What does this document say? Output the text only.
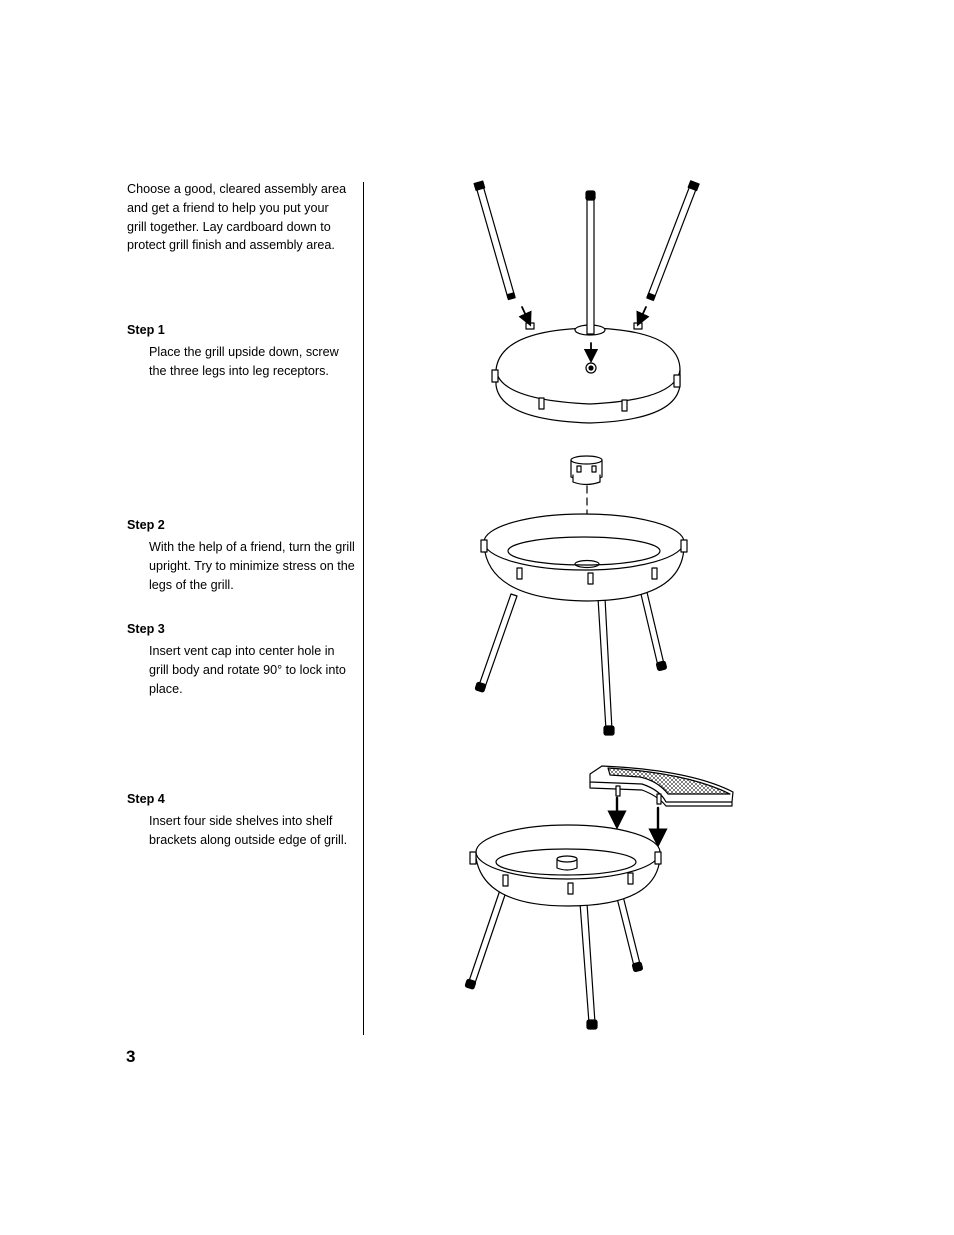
Choose a good, cleared assembly area and get a friend to help you put your grill together. Lay cardboard down to protect grill finish and assembly area.
Step 1
Place the grill upside down, screw the three legs into leg receptors.
Step 2
With the help of a friend, turn the grill upright. Try to minimize stress on the legs of the grill.
Step 3
Insert vent cap into center hole in grill body and rotate 90° to lock into place.
Step 4
Insert four side shelves into shelf brackets along outside edge of grill.
3
